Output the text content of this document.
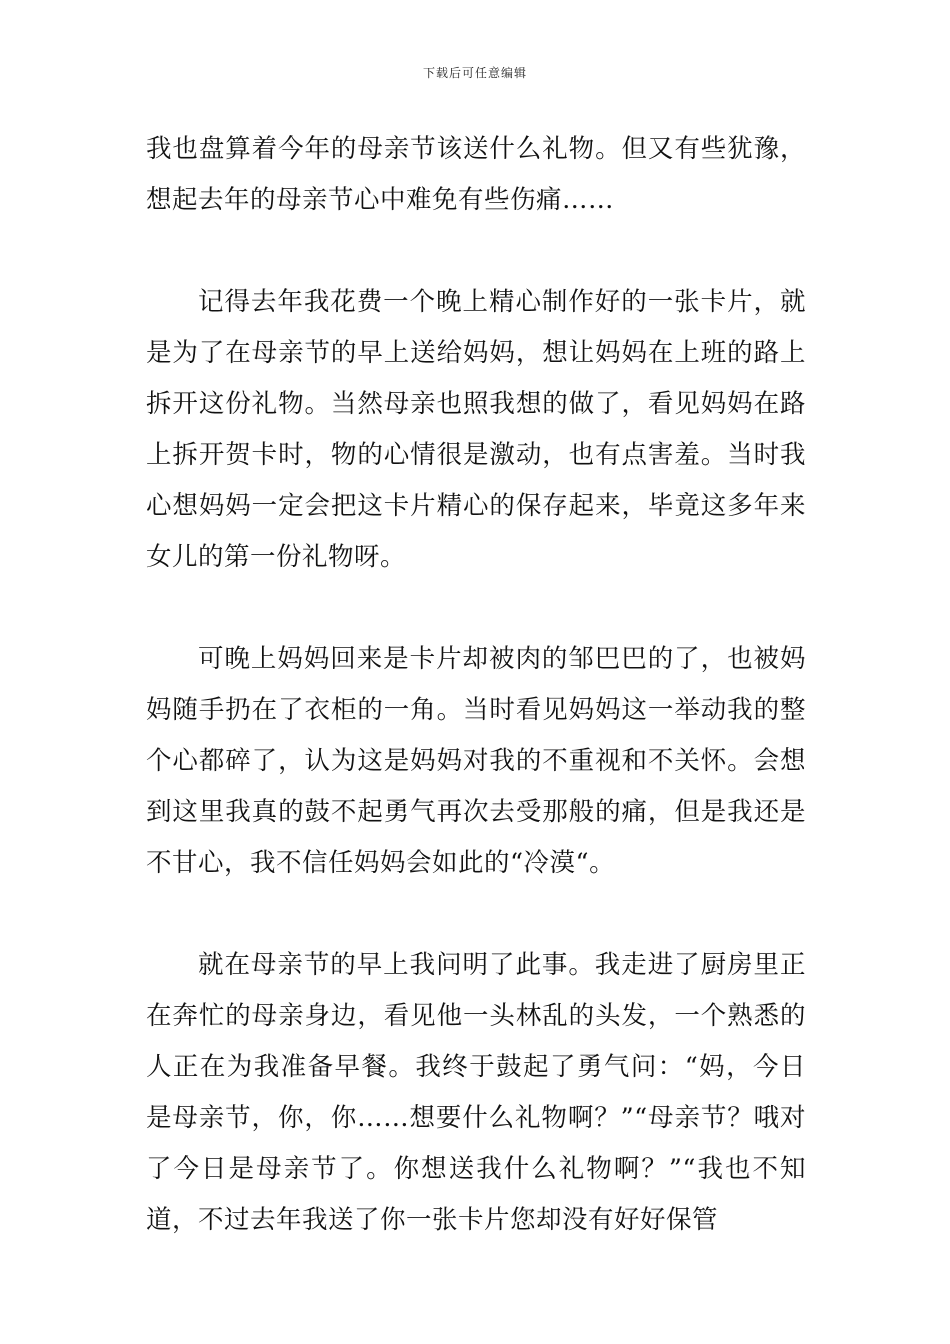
下载后可任意编辑

我也盘算着今年的母亲节该送什么礼物。但又有些犹豫，想起去年的母亲节心中难免有些伤痛……

记得去年我花费一个晚上精心制作好的一张卡片，就是为了在母亲节的早上送给妈妈，想让妈妈在上班的路上拆开这份礼物。当然母亲也照我想的做了，看见妈妈在路上拆开贺卡时，物的心情很是激动，也有点害羞。当时我心想妈妈一定会把这卡片精心的保存起来，毕竟这多年来女儿的第一份礼物呀。

可晚上妈妈回来是卡片却被肉的邹巴巴的了，也被妈妈随手扔在了衣柜的一角。当时看见妈妈这一举动我的整个心都碎了，认为这是妈妈对我的不重视和不关怀。会想到这里我真的鼓不起勇气再次去受那般的痛，但是我还是不甘心，我不信任妈妈会如此的“冷漠“。

就在母亲节的早上我问明了此事。我走进了厨房里正在奔忙的母亲身边，看见他一头林乱的头发，一个熟悉的人正在为我准备早餐。我终于鼓起了勇气问：“妈，今日是母亲节，你，你……想要什么礼物啊？”“母亲节？哦对了今日是母亲节了。你想送我什么礼物啊？”“我也不知道，不过去年我送了你一张卡片您却没有好好保管
